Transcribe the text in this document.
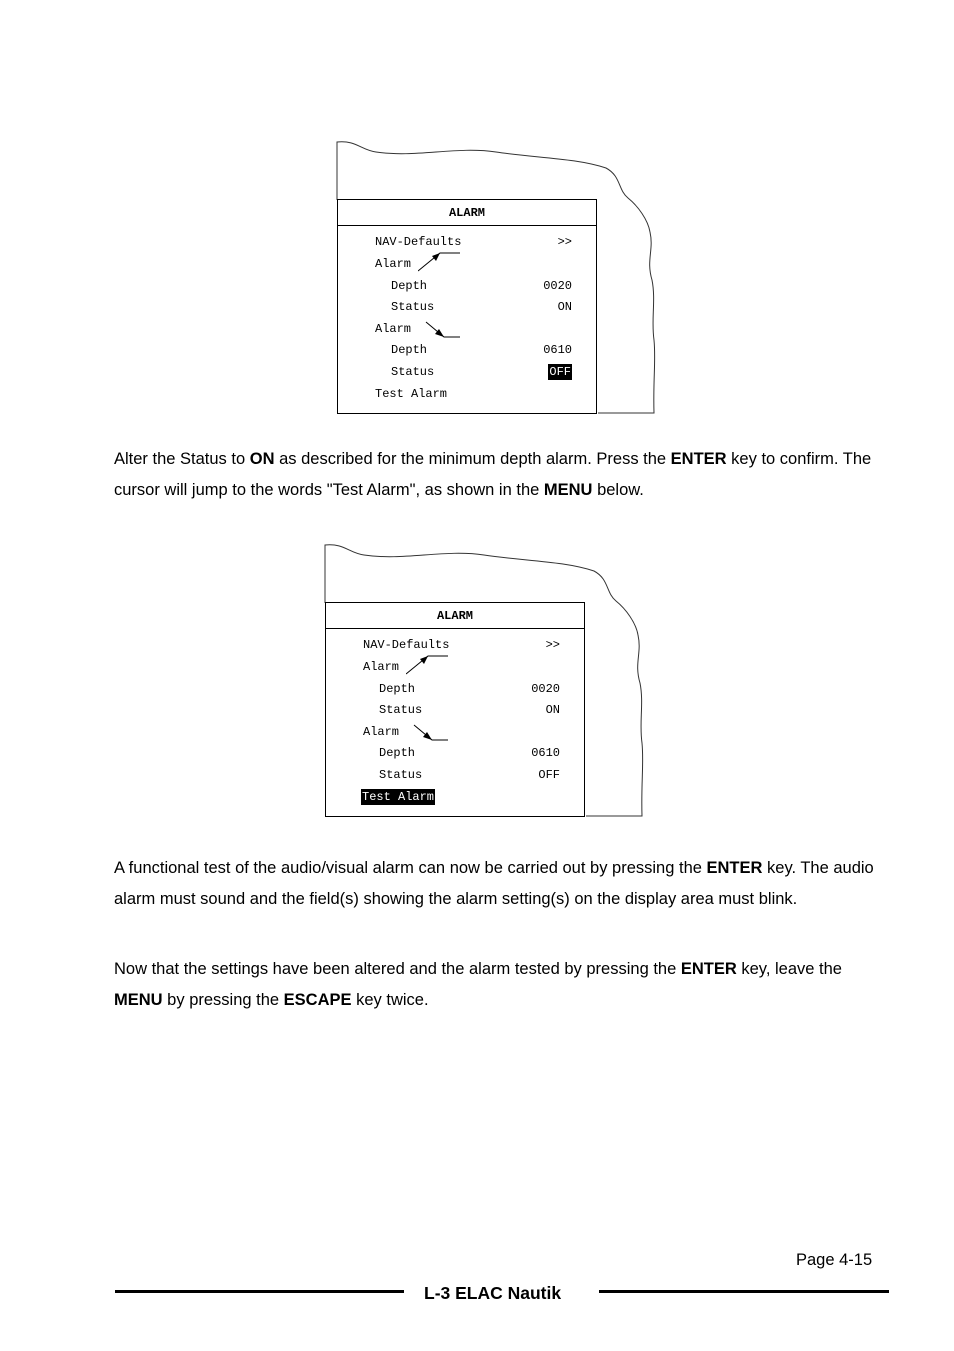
ALARM
NAV-Defaults	>>
Alarm
Depth	0020
Status	ON
Alarm
Depth	0610
Status	OFF
Test Alarm

Alter the Status to ON as described for the minimum depth alarm. Press the ENTER key to confirm. The cursor will jump to the words "Test Alarm", as shown in the MENU below.

ALARM
NAV-Defaults	>>
Alarm
Depth	0020
Status	ON
Alarm
Depth	0610
Status	OFF
Test Alarm

A functional test of the audio/visual alarm can now be carried out by pressing the ENTER key. The audio alarm must sound and the field(s) showing the alarm setting(s) on the display area must blink.

Now that the settings have been altered and the alarm tested by pressing the ENTER key, leave the MENU by pressing the ESCAPE key twice.

Page 4-15
L-3 ELAC Nautik
